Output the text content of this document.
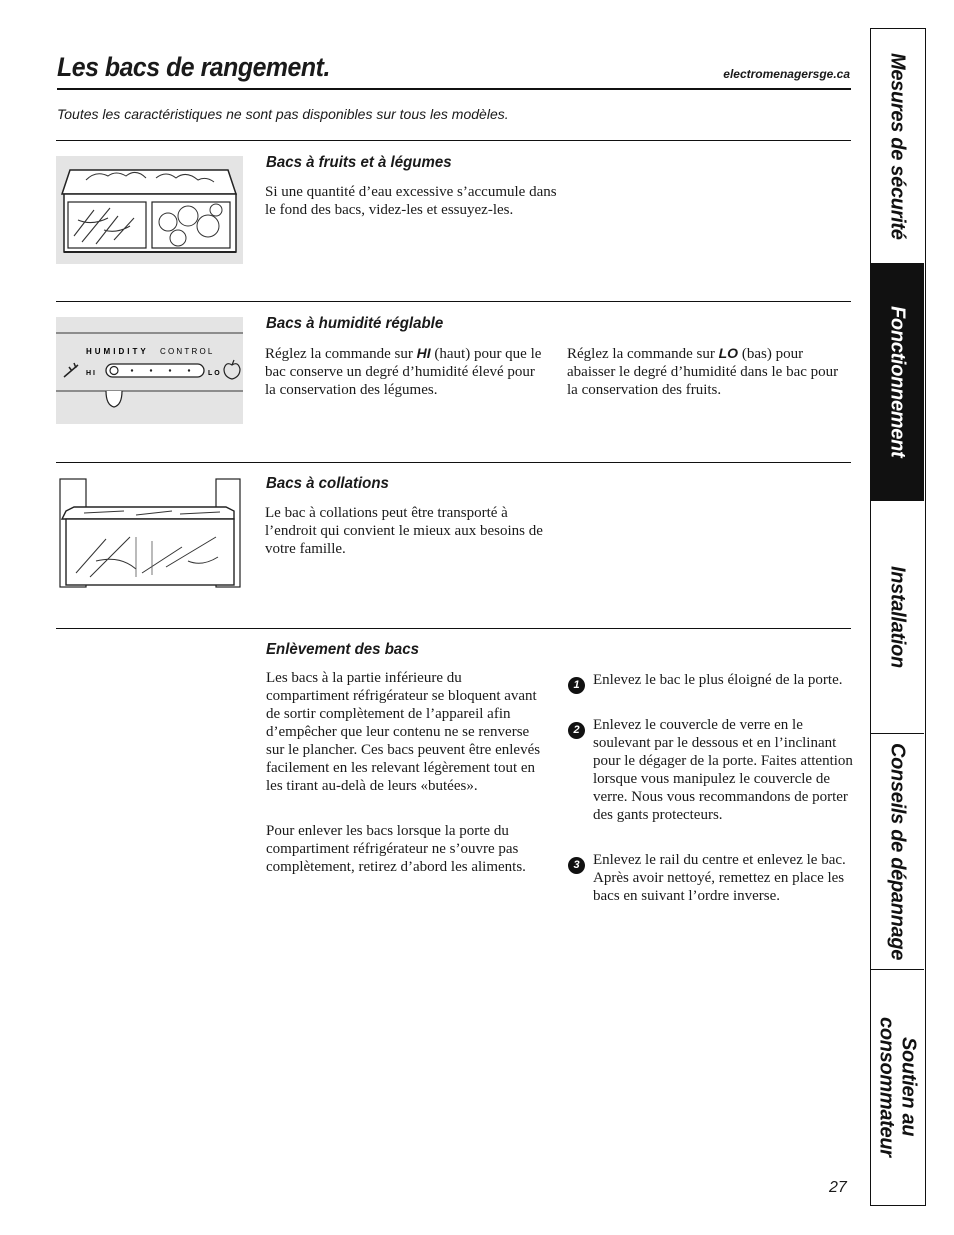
Les bacs de rangement.	electromenagersge.ca
Toutes les caractéristiques ne sont pas disponibles sur tous les modèles.
Bacs à fruits et à légumes

Si une quantité d’eau excessive s’accumule dans le fond des bacs, videz-les et essuyez-les.

HUMIDITY CONTROL
HI	LO
Bacs à humidité réglable

Réglez la commande sur HI (haut) pour que le bac conserve un degré d’humidité élevé pour la conservation des légumes.

Réglez la commande sur LO (bas) pour abaisser le degré d’humidité dans le bac pour la conservation des fruits.

Bacs à collations

Le bac à collations peut être transporté à l’endroit qui convient le mieux aux besoins de votre famille.

Enlèvement des bacs

Les bacs à la partie inférieure du compartiment réfrigérateur se bloquent avant de sortir complètement de l’appareil afin d’empêcher que leur contenu ne se renverse sur le plancher. Ces bacs peuvent être enlevés facilement en les relevant légèrement tout en les tirant au-delà de leurs «butées».

Pour enlever les bacs lorsque la porte du compartiment réfrigérateur ne s’ouvre pas complètement, retirez d’abord les aliments.

1 Enlevez le bac le plus éloigné de la porte.

2 Enlevez le couvercle de verre en le soulevant par le dessous et en l’inclinant pour le dégager de la porte. Faites attention lorsque vous manipulez le couvercle de verre. Nous vous recommandons de porter des gants protecteurs.

3 Enlevez le rail du centre et enlevez le bac. Après avoir nettoyé, remettez en place les bacs en suivant l’ordre inverse.

Mesures de sécurité
Fonctionnement
Installation
Conseils de dépannage
Soutien au
consommateur
27
